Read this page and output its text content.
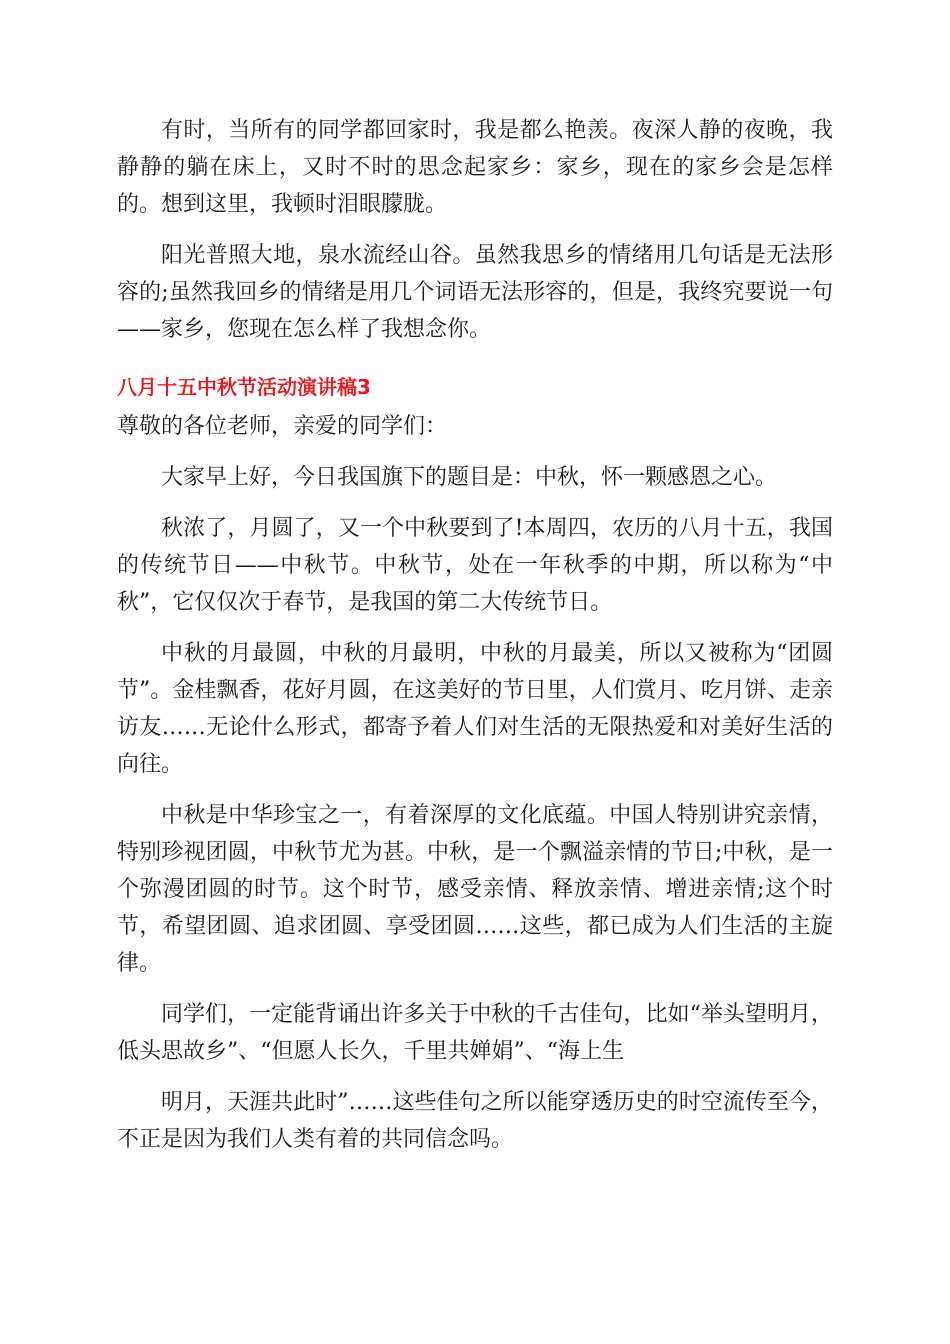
有时，当所有的同学都回家时，我是都么艳羡。夜深人静的夜晚，我静静的躺在床上，又时不时的思念起家乡：家乡，现在的家乡会是怎样的。想到这里，我顿时泪眼朦胧。

阳光普照大地，泉水流经山谷。虽然我思乡的情绪用几句话是无法形容的;虽然我回乡的情绪是用几个词语无法形容的，但是，我终究要说一句——家乡，您现在怎么样了我想念你。

八月十五中秋节活动演讲稿3

尊敬的各位老师，亲爱的同学们：

大家早上好，今日我国旗下的题目是：中秋，怀一颗感恩之心。

秋浓了，月圆了，又一个中秋要到了!本周四，农历的八月十五，我国的传统节日——中秋节。中秋节，处在一年秋季的中期，所以称为“中秋”，它仅仅次于春节，是我国的第二大传统节日。

中秋的月最圆，中秋的月最明，中秋的月最美，所以又被称为“团圆节”。金桂飘香，花好月圆，在这美好的节日里，人们赏月、吃月饼、走亲访友……无论什么形式，都寄予着人们对生活的无限热爱和对美好生活的向往。

中秋是中华珍宝之一，有着深厚的文化底蕴。中国人特别讲究亲情，特别珍视团圆，中秋节尤为甚。中秋，是一个飘溢亲情的节日;中秋，是一个弥漫团圆的时节。这个时节，感受亲情、释放亲情、增进亲情;这个时节，希望团圆、追求团圆、享受团圆……这些，都已成为人们生活的主旋律。

同学们，一定能背诵出许多关于中秋的千古佳句，比如“举头望明月，低头思故乡”、“但愿人长久，千里共婵娟”、“海上生

明月，天涯共此时”……这些佳句之所以能穿透历史的时空流传至今，不正是因为我们人类有着的共同信念吗。
